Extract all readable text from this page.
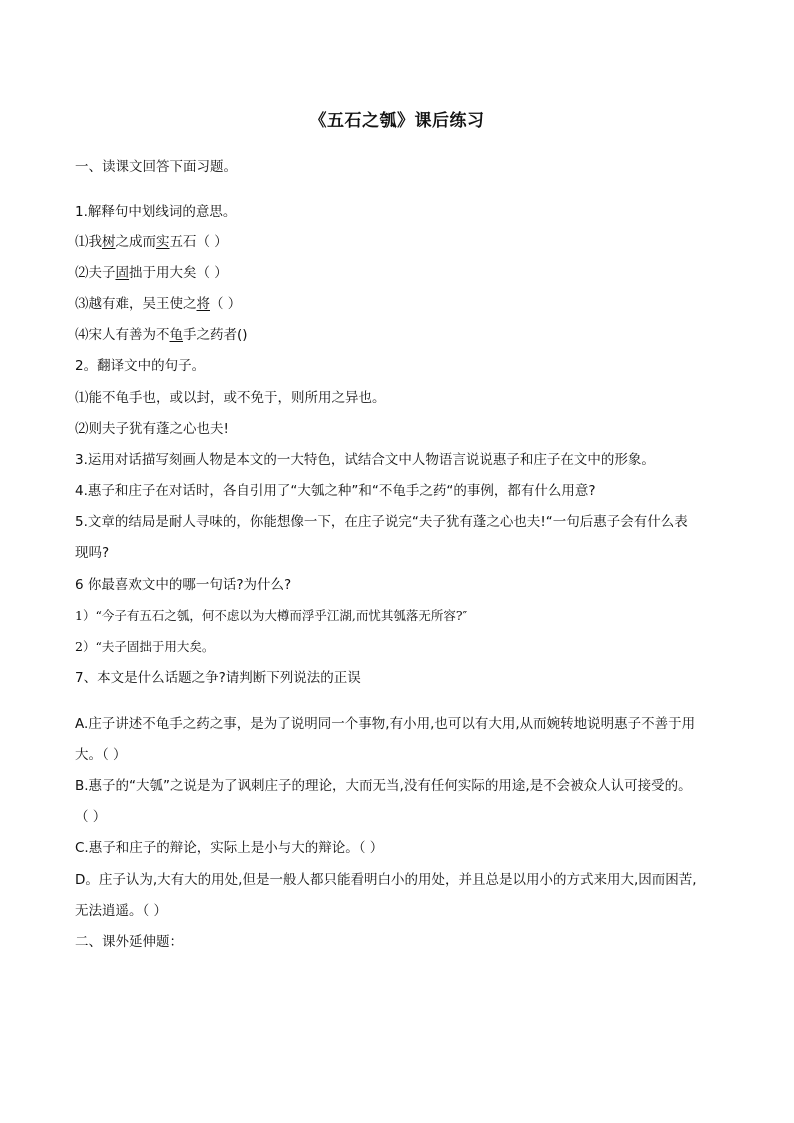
《五石之瓠》课后练习
一、读课文回答下面习题。
1.解释句中划线词的意思。
⑴我树之成而实五石（ ）
⑵夫子固拙于用大矣（ ）
⑶越有难，吴王使之将（ ）
⑷宋人有善为不龟手之药者()
2。翻译文中的句子。
⑴能不龟手也，或以封，或不免于，则所用之异也。
⑵则夫子犹有蓬之心也夫!
3.运用对话描写刻画人物是本文的一大特色，试结合文中人物语言说说惠子和庄子在文中的形象。
4.惠子和庄子在对话时，各自引用了“大瓠之种”和“不龟手之药“的事例，都有什么用意?
5.文章的结局是耐人寻味的，你能想像一下，在庄子说完“夫子犹有蓬之心也夫!“一句后惠子会有什么表
现吗?
6 你最喜欢文中的哪一句话?为什么?
1）“今子有五石之瓠，何不虑以为大樽而浮乎江湖,而忧其瓠落无所容?″
2）“夫子固拙于用大矣。
7、本文是什么话题之争?请判断下列说法的正误
A.庄子讲述不龟手之药之事，是为了说明同一个事物,有小用,也可以有大用,从而婉转地说明惠子不善于用
大。（ ）
B.惠子的“大瓠”之说是为了讽刺庄子的理论，大而无当,没有任何实际的用途,是不会被众人认可接受的。
（ ）
C.惠子和庄子的辩论，实际上是小与大的辩论。（ ）
D。庄子认为,大有大的用处,但是一般人都只能看明白小的用处，并且总是以用小的方式来用大,因而困苦,
无法逍遥。（ ）
二、课外延伸题：
